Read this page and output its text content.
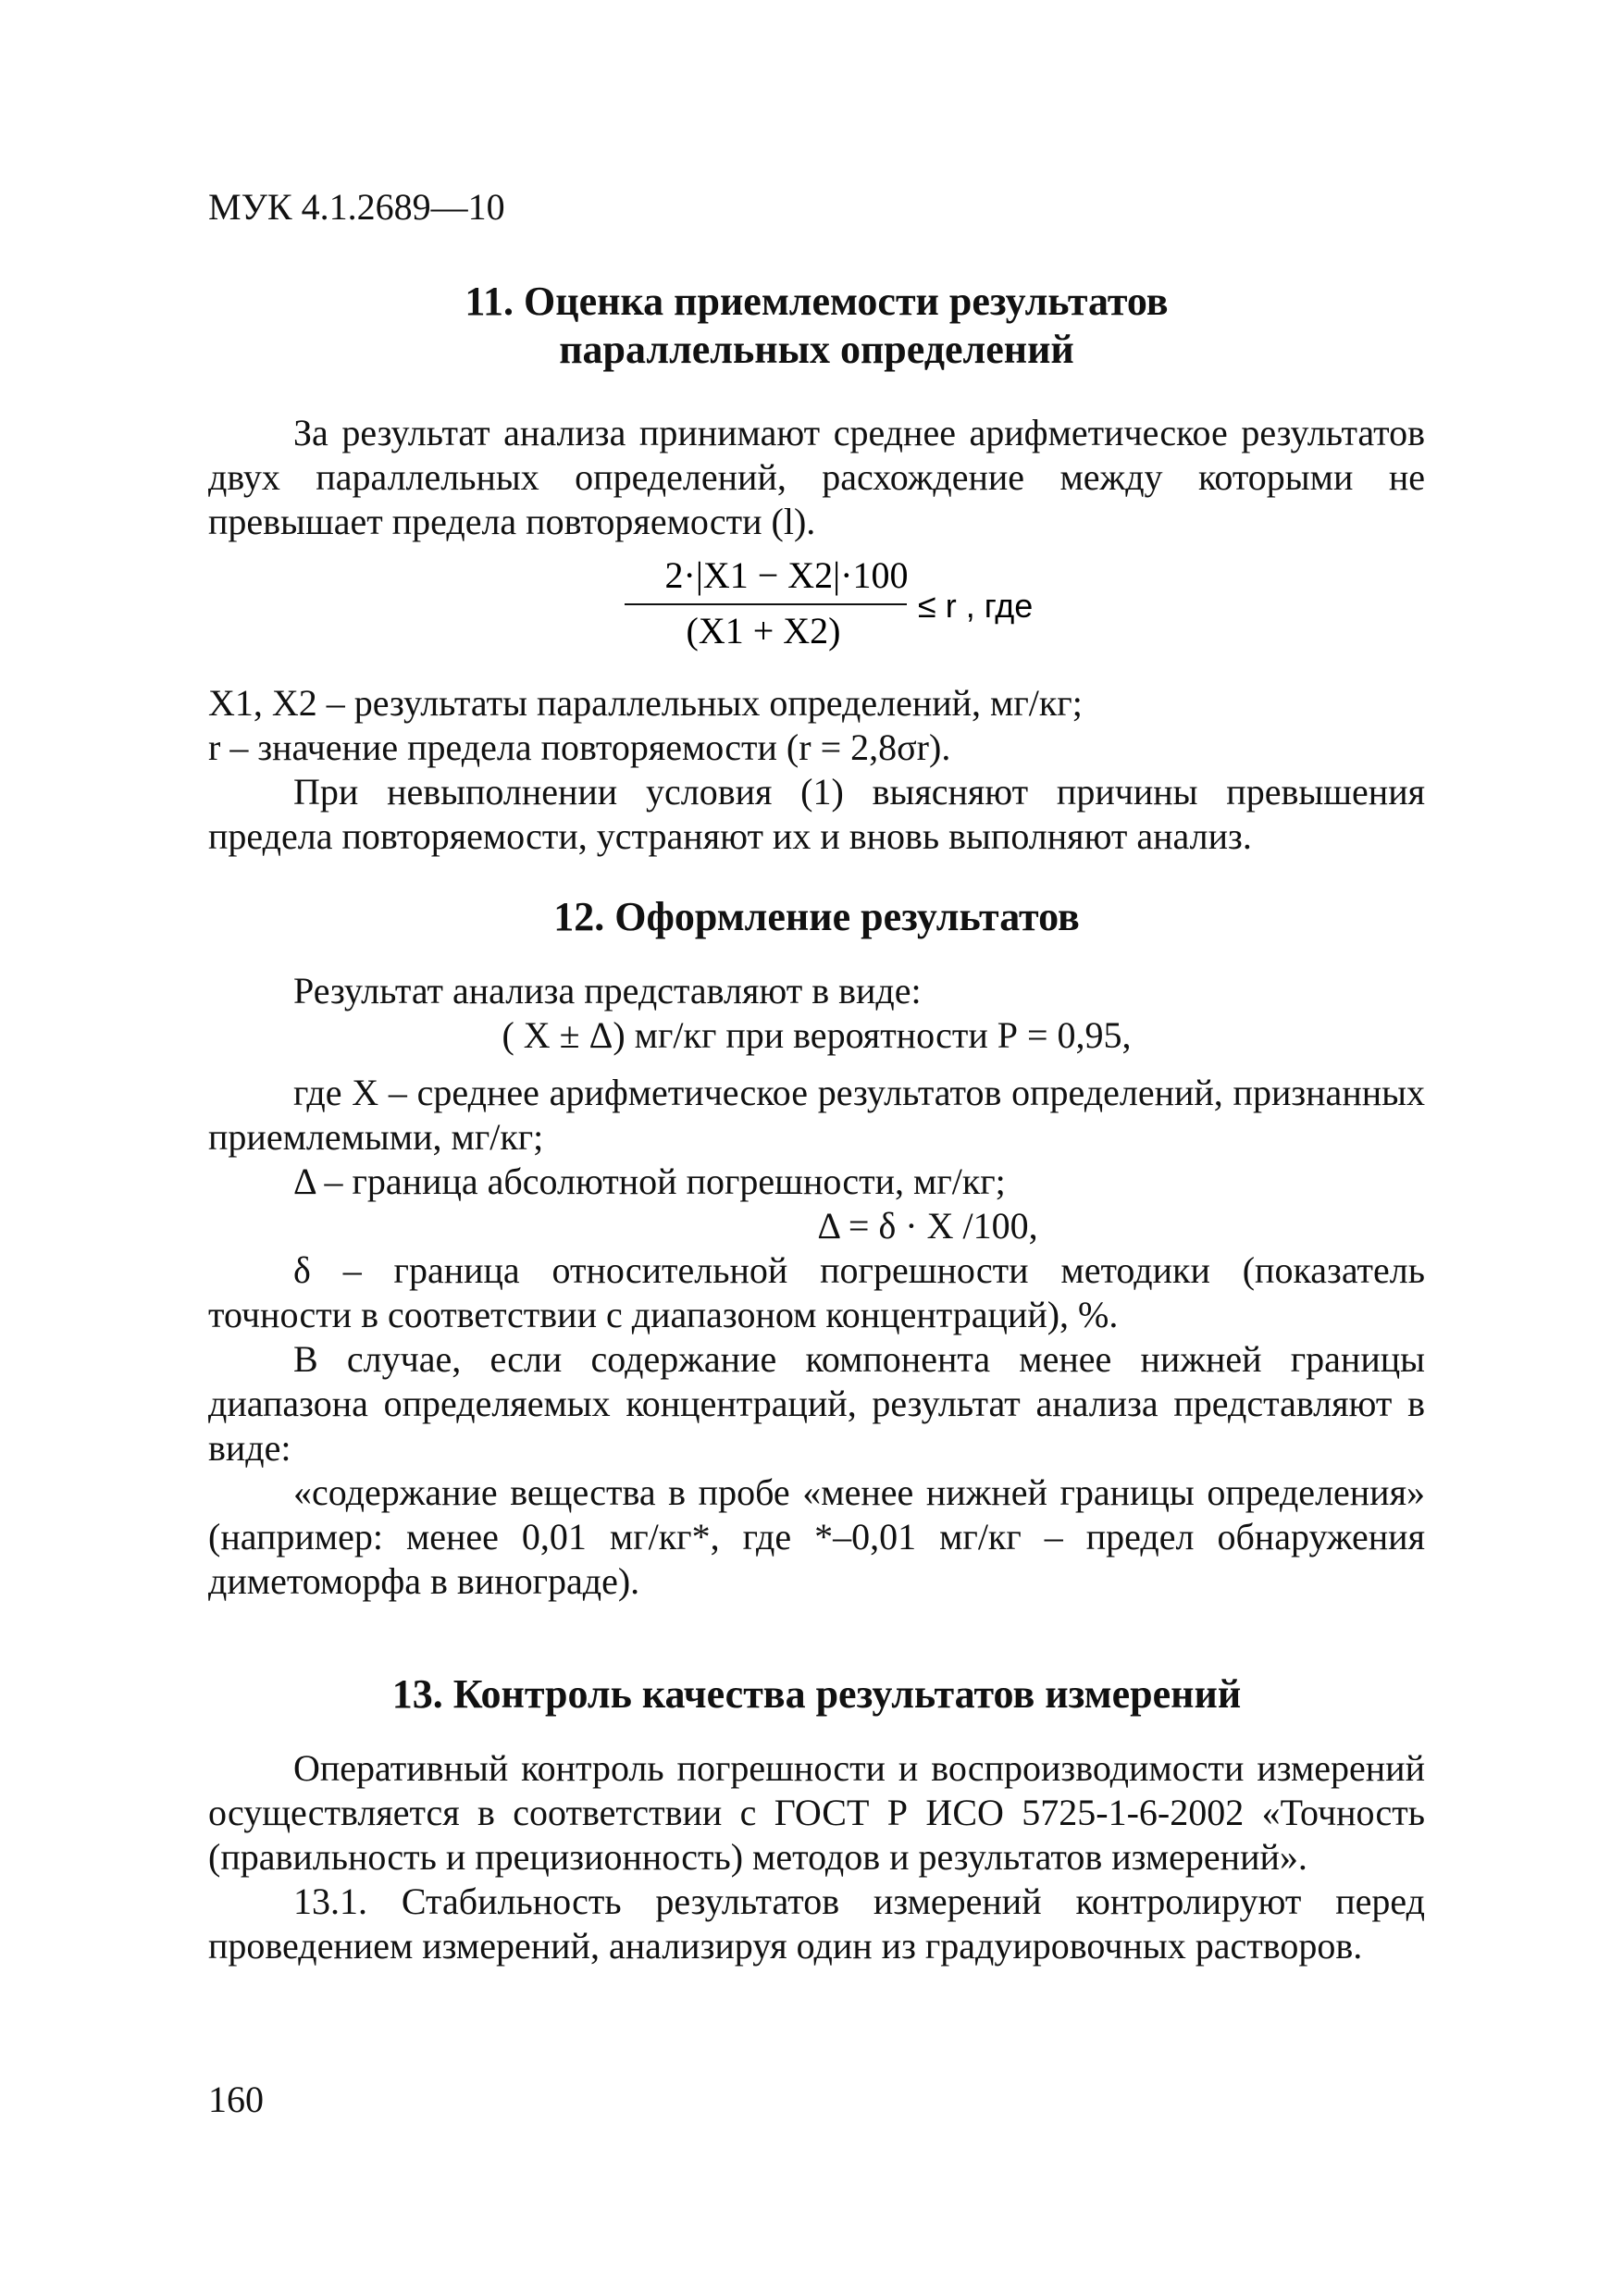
МУК 4.1.2689—10
11. Оценка приемлемости результатов параллельных определений

За результат анализа принимают среднее арифметическое результатов двух параллельных определений, расхождение между которыми не превышает предела повторяемости (l).

2·|X1 − X2|·100
(X1 + X2)
≤ r , где

X1, X2 – результаты параллельных определений, мг/кг;

r – значение предела повторяемости (r = 2,8σr).

При невыполнении условия (1) выясняют причины превышения предела повторяемости, устраняют их и вновь выполняют анализ.

12. Оформление результатов

Результат анализа представляют в виде:

( X ± Δ) мг/кг при вероятности Р = 0,95,

где X – среднее арифметическое результатов определений, признанных приемлемыми, мг/кг;

Δ – граница абсолютной погрешности, мг/кг;

Δ = δ · X /100,

δ – граница относительной погрешности методики (показатель точности в соответствии с диапазоном концентраций), %.

В случае, если содержание компонента менее нижней границы диапазона определяемых концентраций, результат анализа представляют в виде:

«содержание вещества в пробе «менее нижней границы определения» (например: менее 0,01 мг/кг*, где *–0,01 мг/кг – предел обнаружения диметоморфа в винограде).

13. Контроль качества результатов измерений

Оперативный контроль погрешности и воспроизводимости измерений осуществляется в соответствии с ГОСТ Р ИСО 5725-1-6-2002 «Точность (правильность и прецизионность) методов и результатов измерений».

13.1. Стабильность результатов измерений контролируют перед проведением измерений, анализируя один из градуировочных растворов.

160
